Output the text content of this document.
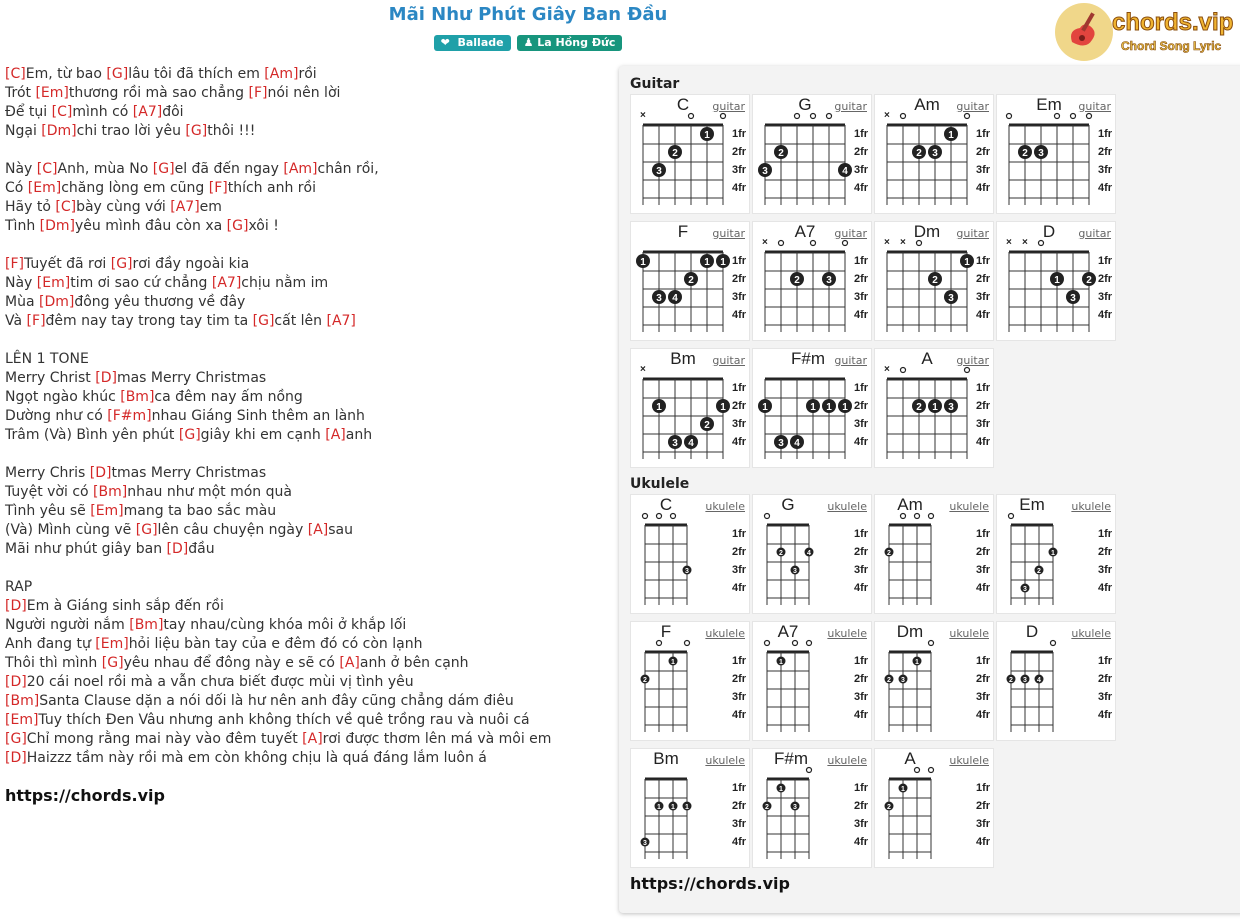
Mãi Như Phút Giây Ban Đầu
❤  Ballade	♟ La Hồng Đức
chords.vip
Chord Song Lyric
[C]Em, từ bao [G]lâu tôi đã thích em [Am]rồi
Trót [Em]thương rồi mà sao chẳng [F]nói nên lời
Để tụi [C]mình có [A7]đôi
Ngại [Dm]chi trao lời yêu [G]thôi !!!
Này [C]Anh, mùa No [G]el đã đến ngay [Am]chân rồi,
Có [Em]chăng lòng em cũng [F]thích anh rồi
Hãy tỏ [C]bày cùng với [A7]em
Tình [Dm]yêu mình đâu còn xa [G]xôi !
[F]Tuyết đã rơi [G]rơi đầy ngoài kia
Này [Em]tim ơi sao cứ chẳng [A7]chịu nằm im
Mùa [Dm]đông yêu thương về đây
Và [F]đêm nay tay trong tay tim ta [G]cất lên [A7]
LÊN 1 TONE
Merry Christ [D]mas Merry Christmas
Ngọt ngào khúc [Bm]ca đêm nay ấm nồng
Dường như có [F#m]nhau Giáng Sinh thêm an lành
Trâm (Và) Bình yên phút [G]giây khi em cạnh [A]anh
Merry Chris [D]tmas Merry Christmas
Tuyệt vời có [Bm]nhau như một món quà
Tình yêu sẽ [Em]mang ta bao sắc màu
(Và) Mình cùng vẽ [G]lên câu chuyện ngày [A]sau
Mãi như phút giây ban [D]đầu
RAP
[D]Em à Giáng sinh sắp đến rồi
Người người nắm [Bm]tay nhau/cùng khóa môi ở khắp lối
Anh đang tự [Em]hỏi liệu bàn tay của e đêm đó có còn lạnh
Thôi thì mình [G]yêu nhau để đông này e sẽ có [A]anh ở bên cạnh
[D]20 cái noel rồi mà a vẫn chưa biết được mùi vị tình yêu
[Bm]Santa Clause dặn a nói dối là hư nên anh đây cũng chẳng dám điêu
[Em]Tuy thích Đen Vâu nhưng anh không thích về quê trồng rau và nuôi cá
[G]Chỉ mong rằng mai này vào đêm tuyết [A]rơi được thơm lên má và môi em
[D]Haizzz tầm này rồi mà em còn không chịu là quá đáng lắm luôn á
https://chords.vip
Guitar
C	guitar
1fr
2fr
3fr
4fr
×
3
2
1
G	guitar
1fr
2fr
3fr
4fr
3
2
4
Am guitar
1fr
2fr
3fr
4fr
×
2 3
1
Em guitar
1fr
2fr
3fr
4fr
2 3
F	guitar
1fr
2fr
3fr
4fr
1
3 4
2
1 1
A7	guitar
1fr
2fr
3fr
4fr
×
2	3
Dm guitar
1fr
2fr
3fr
4fr
× ×
2
3
1
D	guitar
1fr
2fr
3fr
4fr
× ×
1
3
2
Bm guitar
1fr
2fr
3fr
4fr
×
1
3 4
2
1
F#m guitar
1fr
2fr
3fr
4fr
1
3 4
1 1 1
A	guitar
1fr
2fr
3fr
4fr
×
2 1 3
Ukulele
C	ukulele
1fr
2fr
3fr
4fr
3
G	ukulele
1fr
2fr
3fr
4fr
2
3
4
Am ukulele
1fr
2fr
3fr
4fr
2
Em ukulele
1fr
2fr
3fr
4fr
3
2
1
F	ukulele
1fr
2fr
3fr
4fr
2
1
A7	ukulele
1fr
2fr
3fr
4fr
1
Dm ukulele
1fr
2fr
3fr
4fr
2 3
1
D	ukulele
1fr
2fr
3fr
4fr
2 3 4
Bm ukulele
1fr
2fr
3fr
4fr
3
1 1 1
F#m ukulele
1fr
2fr
3fr
4fr
2
1
3
A	ukulele
1fr
2fr
3fr
4fr
2
1
https://chords.vip
